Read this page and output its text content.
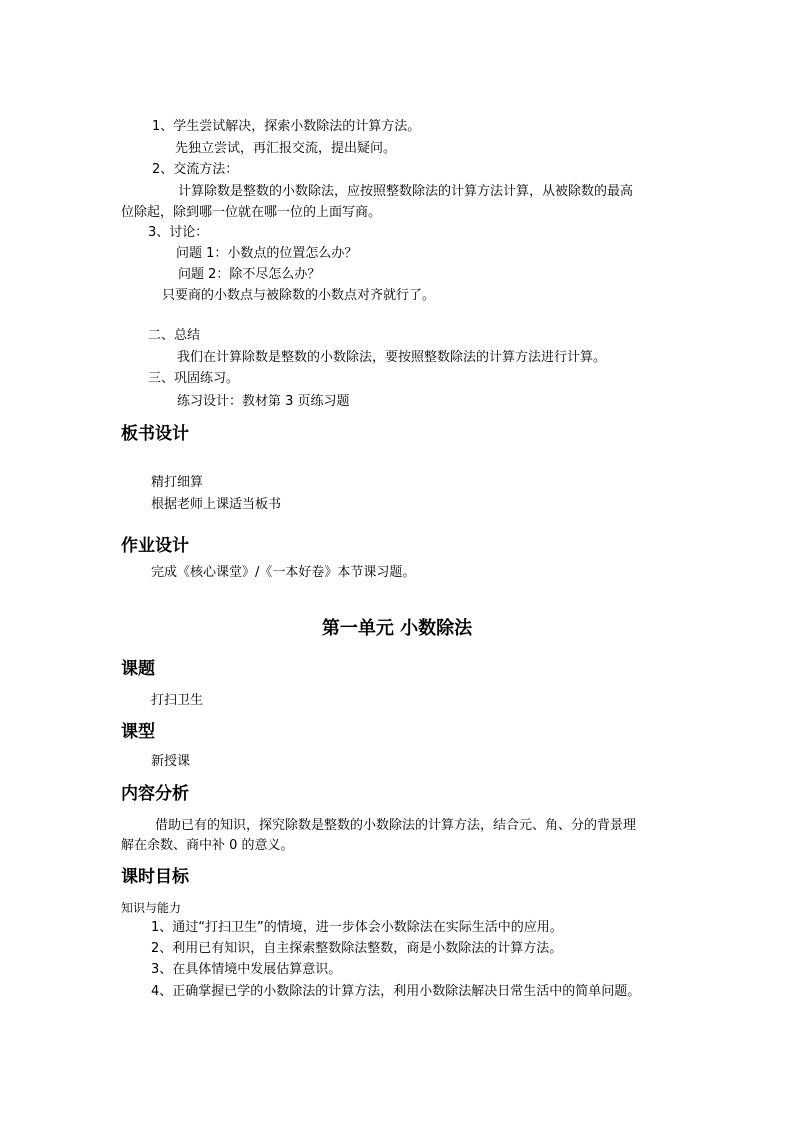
1、学生尝试解决，探索小数除法的计算方法。
先独立尝试，再汇报交流，提出疑问。
2、交流方法：
计算除数是整数的小数除法，应按照整数除法的计算方法计算，从被除数的最高
位除起，除到哪一位就在哪一位的上面写商。
3、讨论：
问题 1：小数点的位置怎么办？
问题 2：除不尽怎么办？
只要商的小数点与被除数的小数点对齐就行了。
二、总结
我们在计算除数是整数的小数除法，要按照整数除法的计算方法进行计算。
三、巩固练习。
练习设计：教材第 3 页练习题
板书设计
精打细算
根据老师上课适当板书
作业设计
完成《核心课堂》/《一本好卷》本节课习题。
第一单元 小数除法
课题
打扫卫生
课型
新授课
内容分析
借助已有的知识，探究除数是整数的小数除法的计算方法，结合元、角、分的背景理
解在余数、商中补 0 的意义。
课时目标
知识与能力
1、通过“打扫卫生”的情境，进一步体会小数除法在实际生活中的应用。
2、利用已有知识，自主探索整数除法整数，商是小数除法的计算方法。
3、在具体情境中发展估算意识。
4、正确掌握已学的小数除法的计算方法，利用小数除法解决日常生活中的简单问题。
